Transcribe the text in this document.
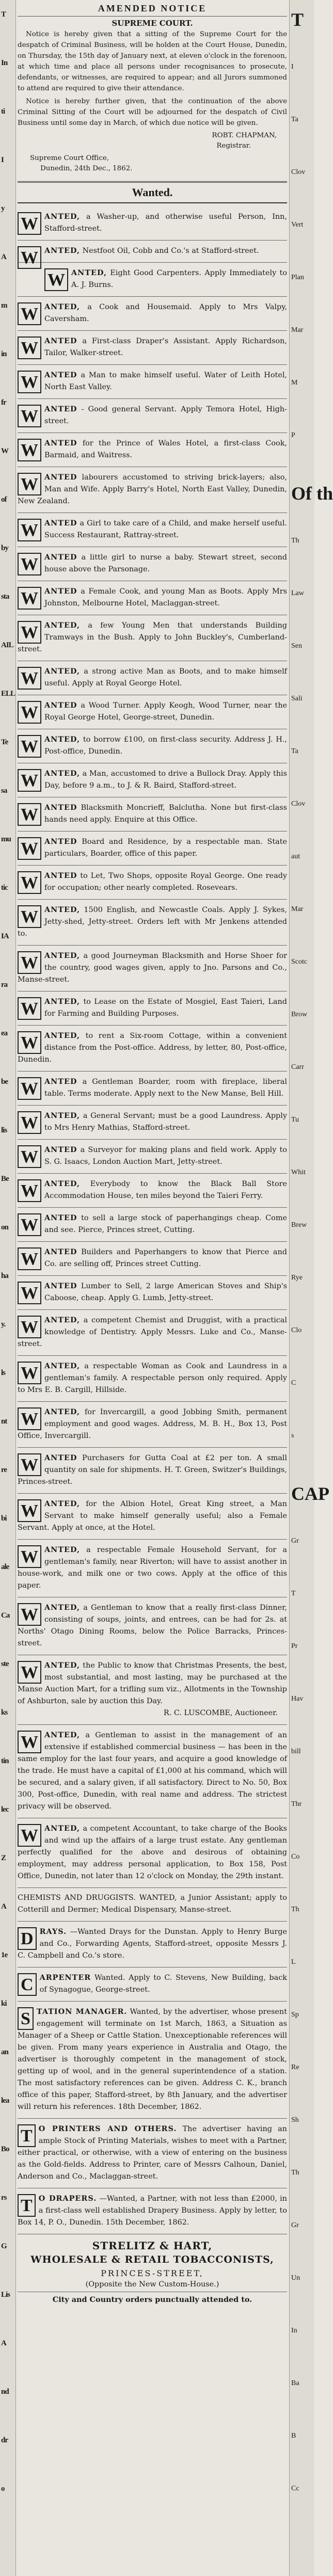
T
In
ti
I
y
A
m
in
fr
W
of
by
sta
AIL
ELL
Te
sa
mu
tic
IA
ra
ea
be
lis
Be
on
ha
y.
ls
nt
re
bi
ale
Ca
ste
ks
tin
lec
Z
A
1e
ki
an
lea
Bo
rs
G
Lis
A
nd
dr
o
T
I
Ta
Clov
Vert
Plan
Mar
M
P
Of th
Th
Law
Sen
Sali
Ta
Clov
aut
Mar
Scotc
Brow
Carr
Tu
Whit
Brew
Rye
Clo
C
s
CAP
Gr
T
Pr
Hav
bill
Thr
Co
Th
L
Sp
Re
Sh
Th
Gr
Un
In
Ba
B
Cc
AMENDED NOTICE
SUPREME COURT.

Notice is hereby given that a sitting of the Supreme Court for the despatch of Criminal Business, will be holden at the Court House, Dunedin, on Thursday, the 15th day of January next, at eleven o'clock in the forenoon, at which time and place all persons under recognisances to prosecute, defendants, or witnesses, are required to appear; and all Jurors summoned to attend are required to give their attendance.

Notice is hereby further given, that the continuation of the above Criminal Sitting of the Court will be adjourned for the despatch of Civil Business until some day in March, of which due notice will be given.

ROBT. CHAPMAN,

Registrar.

Supreme Court Office,
Dunedin, 24th Dec., 1862.
Wanted.
W ANTED, a Washer-up, and otherwise useful Person, Inn, Stafford-street.
W ANTED, Nestfoot Oil, Cobb and Co.'s at Stafford-street.
W ANTED, Eight Good Carpenters. Apply Immediately to A. J. Burns.
W ANTED, a Cook and Housemaid. Apply to Mrs Valpy, Caversham.
W ANTED a First-class Draper's Assistant. Apply Richardson, Tailor, Walker-street.
W ANTED a Man to make himself useful. Water of Leith Hotel, North East Valley.
W ANTED - Good general Servant. Apply Temora Hotel, High-street.
W ANTED for the Prince of Wales Hotel, a first-class Cook, Barmaid, and Waitress.
W ANTED labourers accustomed to striving brick-layers; also, Man and Wife. Apply Barry's Hotel, North East Valley, Dunedin, New Zealand.
W ANTED a Girl to take care of a Child, and make herself useful. Success Restaurant, Rattray-street.
W ANTED a little girl to nurse a baby. Stewart street, second house above the Parsonage.
W ANTED a Female Cook, and young Man as Boots. Apply Mrs Johnston, Melbourne Hotel, Maclaggan-street.
W ANTED, a few Young Men that understands Building Tramways in the Bush. Apply to John Buckley's, Cumberland-street.
W ANTED, a strong active Man as Boots, and to make himself useful. Apply at Royal George Hotel.
W ANTED a Wood Turner. Apply Keogh, Wood Turner, near the Royal George Hotel, George-street, Dunedin.
W ANTED, to borrow £100, on first-class security. Address J. H., Post-office, Dunedin.
W ANTED, a Man, accustomed to drive a Bullock Dray. Apply this Day, before 9 a.m., to J. & R. Baird, Stafford-street.
W ANTED Blacksmith Moncrieff, Balclutha. None but first-class hands need apply. Enquire at this Office.
W ANTED Board and Residence, by a respectable man. State particulars, Boarder, office of this paper.
W ANTED to Let, Two Shops, opposite Royal George. One ready for occupation; other nearly completed. Rosevears.
W ANTED, 1500 English, and Newcastle Coals. Apply J. Sykes, Jetty-shed, Jetty-street. Orders left with Mr Jenkens attended to.
W ANTED, a good Journeyman Blacksmith and Horse Shoer for the country, good wages given, apply to Jno. Parsons and Co., Manse-street.
W ANTED, to Lease on the Estate of Mosgiel, East Taieri, Land for Farming and Building Purposes.
W ANTED, to rent a Six-room Cottage, within a convenient distance from the Post-office. Address, by letter, 80, Post-office, Dunedin.
W ANTED a Gentleman Boarder, room with fireplace, liberal table. Terms moderate. Apply next to the New Manse, Bell Hill.
W ANTED, a General Servant; must be a good Laundress. Apply to Mrs Henry Mathias, Stafford-street.
W ANTED a Surveyor for making plans and field work. Apply to S. G. Isaacs, London Auction Mart, Jetty-street.
W ANTED, Everybody to know the Black Ball Store Accommodation House, ten miles beyond the Taieri Ferry.
W ANTED to sell a large stock of paperhangings cheap. Come and see. Pierce, Princes street, Cutting.
W ANTED Builders and Paperhangers to know that Pierce and Co. are selling off, Princes street Cutting.
W ANTED Lumber to Sell, 2 large American Stoves and Ship's Caboose, cheap. Apply G. Lumb, Jetty-street.
W ANTED, a competent Chemist and Druggist, with a practical knowledge of Dentistry. Apply Messrs. Luke and Co., Manse-street.
W ANTED, a respectable Woman as Cook and Laundress in a gentleman's family. A respectable person only required. Apply to Mrs E. B. Cargill, Hillside.
W ANTED, for Invercargill, a good Jobbing Smith, permanent employment and good wages. Address, M. B. H., Box 13, Post Office, Invercargill.
W ANTED Purchasers for Gutta Coal at £2 per ton. A small quantity on sale for shipments. H. T. Green, Switzer's Buildings, Princes-street.
W ANTED, for the Albion Hotel, Great King street, a Man Servant to make himself generally useful; also a Female Servant. Apply at once, at the Hotel.
W ANTED, a respectable Female Household Servant, for a gentleman's family, near Riverton; will have to assist another in house-work, and milk one or two cows. Apply at the office of this paper.
W ANTED, a Gentleman to know that a really first-class Dinner, consisting of soups, joints, and entrees, can be had for 2s. at Norths' Otago Dining Rooms, below the Police Barracks, Princes-street.
W ANTED, the Public to know that Christmas Presents, the best, most substantial, and most lasting, may be purchased at the Manse Auction Mart, for a trifling sum viz., Allotments in the Township of Ashburton, sale by auction this Day.
R. C. LUSCOMBE, Auctioneer.
W ANTED, a Gentleman to assist in the management of an extensive if established commercial business — has been in the same employ for the last four years, and acquire a good knowledge of the trade. He must have a capital of £1,000 at his command, which will be secured, and a salary given, if all satisfactory. Direct to No. 50, Box 300, Post-office, Dunedin, with real name and address. The strictest privacy will be observed.
W ANTED, a competent Accountant, to take charge of the Books and wind up the affairs of a large trust estate. Any gentleman perfectly qualified for the above and desirous of obtaining employment, may address personal application, to Box 158, Post Office, Dunedin, not later than 12 o'clock on Monday, the 29th instant.
CHEMISTS AND DRUGGISTS. WANTED, a Junior Assistant; apply to Cotterill and Dermer; Medical Dispensary, Manse-street.
D RAYS. —Wanted Drays for the Dunstan. Apply to Henry Burge and Co., Forwarding Agents, Stafford-street, opposite Messrs J. C. Campbell and Co.'s store.
C ARPENTER Wanted. Apply to C. Stevens, New Building, back of Synagogue, George-street.
S TATION MANAGER. Wanted, by the advertiser, whose present engagement will terminate on 1st March, 1863, a Situation as Manager of a Sheep or Cattle Station. Unexceptionable references will be given. From many years experience in Australia and Otago, the advertiser is thoroughly competent in the management of stock, getting up of wool, and in the general superintendence of a station. The most satisfactory references can be given. Address C. K., branch office of this paper, Stafford-street, by 8th January, and the advertiser will return his references. 18th December, 1862.
T O PRINTERS AND OTHERS. The advertiser having an ample Stock of Printing Materials, wishes to meet with a Partner, either practical, or otherwise, with a view of entering on the business as the Gold-fields. Address to Printer, care of Messrs Calhoun, Daniel, Anderson and Co., Maclaggan-street.
T O DRAPERS. —Wanted, a Partner, with not less than £2000, in a first-class well established Drapery Business. Apply by letter, to Box 14, P. O., Dunedin. 15th December, 1862.
STRELITZ & HART,
WHOLESALE & RETAIL TOBACCONISTS,
PRINCES-STREET,
(Opposite the New Custom-House.)
City and Country orders punctually attended to.
